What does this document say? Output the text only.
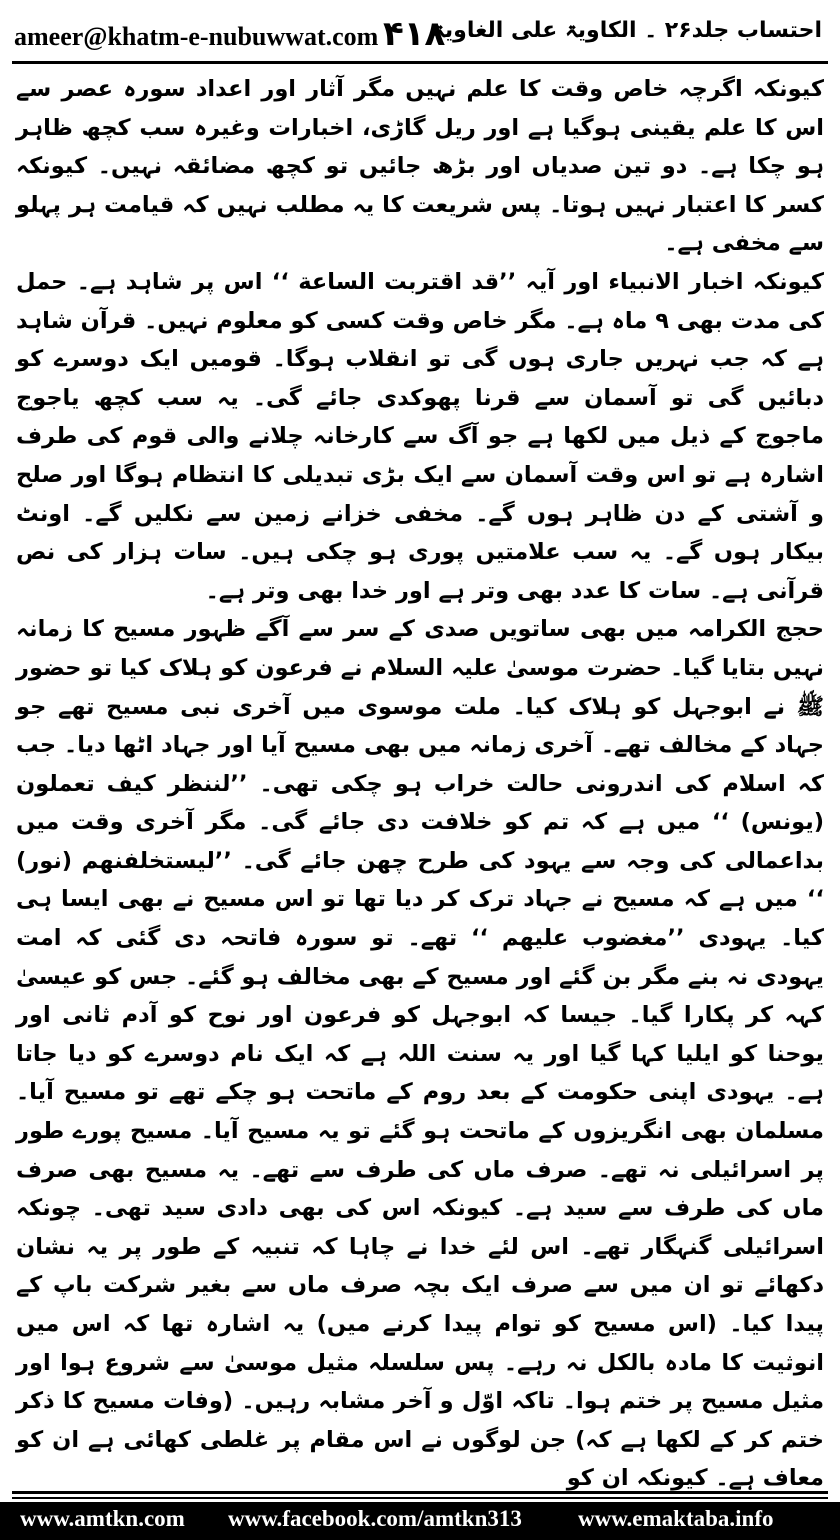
ameer@khatm-e-nubuwwat.com ۴۱۸
احتساب جلد۲۶ ۔ الکاویۃ علی الغاویۃ

کیونکہ اگرچہ خاص وقت کا علم نہیں مگر آثار اور اعداد سورہ عصر سے اس کا علم یقینی ہوگیا ہے اور ریل گاڑی، اخبارات وغیرہ سب کچھ ظاہر ہو چکا ہے۔ دو تین صدیاں اور بڑھ جائیں تو کچھ مضائقہ نہیں۔ کیونکہ کسر کا اعتبار نہیں ہوتا۔ پس شریعت کا یہ مطلب نہیں کہ قیامت ہر پہلو سے مخفی ہے۔

کیونکہ اخبار الانبیاء اور آیہ ’’قد اقتربت الساعة ‘‘ اس پر شاہد ہے۔ حمل کی مدت بھی ۹ ماہ ہے۔ مگر خاص وقت کسی کو معلوم نہیں۔ قرآن شاہد ہے کہ جب نہریں جاری ہوں گی تو انقلاب ہوگا۔ قومیں ایک دوسرے کو دبائیں گی تو آسمان سے قرنا پھوکدی جائے گی۔ یہ سب کچھ یاجوج ماجوج کے ذیل میں لکھا ہے جو آگ سے کارخانہ چلانے والی قوم کی طرف اشارہ ہے تو اس وقت آسمان سے ایک بڑی تبدیلی کا انتظام ہوگا اور صلح و آشتی کے دن ظاہر ہوں گے۔ مخفی خزانے زمین سے نکلیں گے۔ اونٹ بیکار ہوں گے۔ یہ سب علامتیں پوری ہو چکی ہیں۔ سات ہزار کی نص قرآنی ہے۔ سات کا عدد بھی وتر ہے اور خدا بھی وتر ہے۔

حجج الکرامہ میں بھی ساتویں صدی کے سر سے آگے ظہور مسیح کا زمانہ نہیں بتایا گیا۔ حضرت موسیٰ علیہ السلام نے فرعون کو ہلاک کیا تو حضور ﷺ نے ابوجہل کو ہلاک کیا۔ ملت موسوی میں آخری نبی مسیح تھے جو جہاد کے مخالف تھے۔ آخری زمانہ میں بھی مسیح آیا اور جہاد اٹھا دیا۔ جب کہ اسلام کی اندرونی حالت خراب ہو چکی تھی۔ ’’لننظر کیف تعملون (یونس) ‘‘ میں ہے کہ تم کو خلافت دی جائے گی۔ مگر آخری وقت میں بداعمالی کی وجہ سے یہود کی طرح چھن جائے گی۔ ’’لیستخلفنهم (نور) ‘‘ میں ہے کہ مسیح نے جہاد ترک کر دیا تھا تو اس مسیح نے بھی ایسا ہی کیا۔ یہودی ’’مغضوب علیهم ‘‘ تھے۔ تو سورہ فاتحہ دی گئی کہ امت یہودی نہ بنے مگر بن گئے اور مسیح کے بھی مخالف ہو گئے۔ جس کو عیسیٰ کہہ کر پکارا گیا۔ جیسا کہ ابوجہل کو فرعون اور نوح کو آدم ثانی اور یوحنا کو ایلیا کہا گیا اور یہ سنت اللہ ہے کہ ایک نام دوسرے کو دیا جاتا ہے۔ یہودی اپنی حکومت کے بعد روم کے ماتحت ہو چکے تھے تو مسیح آیا۔ مسلمان بھی انگریزوں کے ماتحت ہو گئے تو یہ مسیح آیا۔ مسیح پورے طور پر اسرائیلی نہ تھے۔ صرف ماں کی طرف سے تھے۔ یہ مسیح بھی صرف ماں کی طرف سے سید ہے۔ کیونکہ اس کی بھی دادی سید تھی۔ چونکہ اسرائیلی گنہگار تھے۔ اس لئے خدا نے چاہا کہ تنبیہ کے طور پر یہ نشان دکھائے تو ان میں سے صرف ایک بچہ صرف ماں سے بغیر شرکت باپ کے پیدا کیا۔ (اس مسیح کو توام پیدا کرنے میں) یہ اشارہ تھا کہ اس میں انوثیت کا مادہ بالکل نہ رہے۔ پس سلسلہ مثیل موسیٰ سے شروع ہوا اور مثیل مسیح پر ختم ہوا۔ تاکہ اوّل و آخر مشابہ رہیں۔ (وفات مسیح کا ذکر ختم کر کے لکھا ہے کہ) جن لوگوں نے اس مقام پر غلطی کھائی ہے ان کو معاف ہے۔ کیونکہ ان کو

www.amtkn.com www.facebook.com/amtkn313 www.emaktaba.info
